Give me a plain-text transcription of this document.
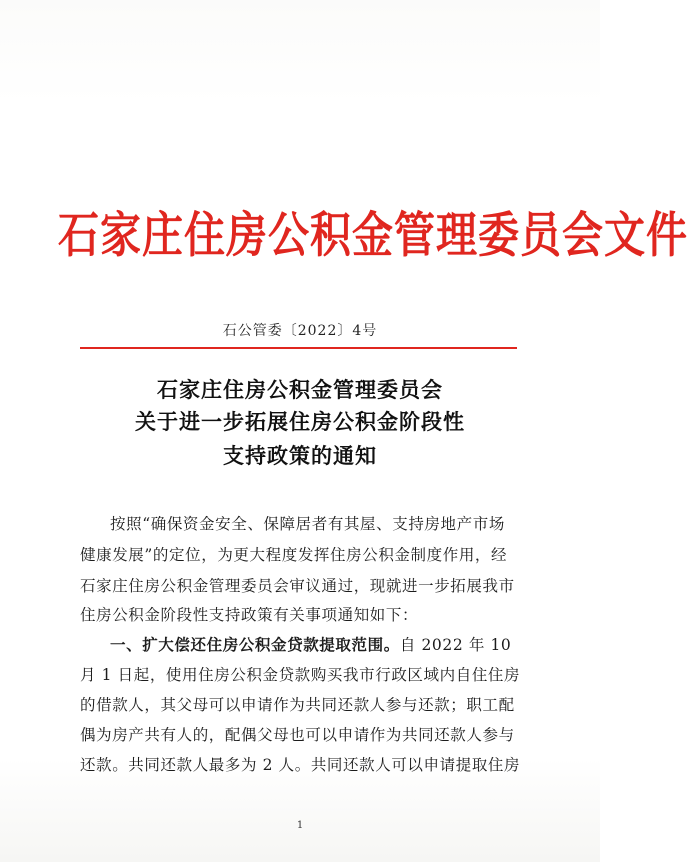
石家庄住房公积金管理委员会文件
石公管委〔2022〕4号
石家庄住房公积金管理委员会
关于进一步拓展住房公积金阶段性
支持政策的通知
按照“确保资金安全、保障居者有其屋、支持房地产市场
健康发展”的定位，为更大程度发挥住房公积金制度作用，经
石家庄住房公积金管理委员会审议通过，现就进一步拓展我市
住房公积金阶段性支持政策有关事项通知如下：
一、扩大偿还住房公积金贷款提取范围。自 2022 年 10
月 1 日起，使用住房公积金贷款购买我市行政区域内自住住房
的借款人，其父母可以申请作为共同还款人参与还款；职工配
偶为房产共有人的，配偶父母也可以申请作为共同还款人参与
还款。共同还款人最多为 2 人。共同还款人可以申请提取住房
1
